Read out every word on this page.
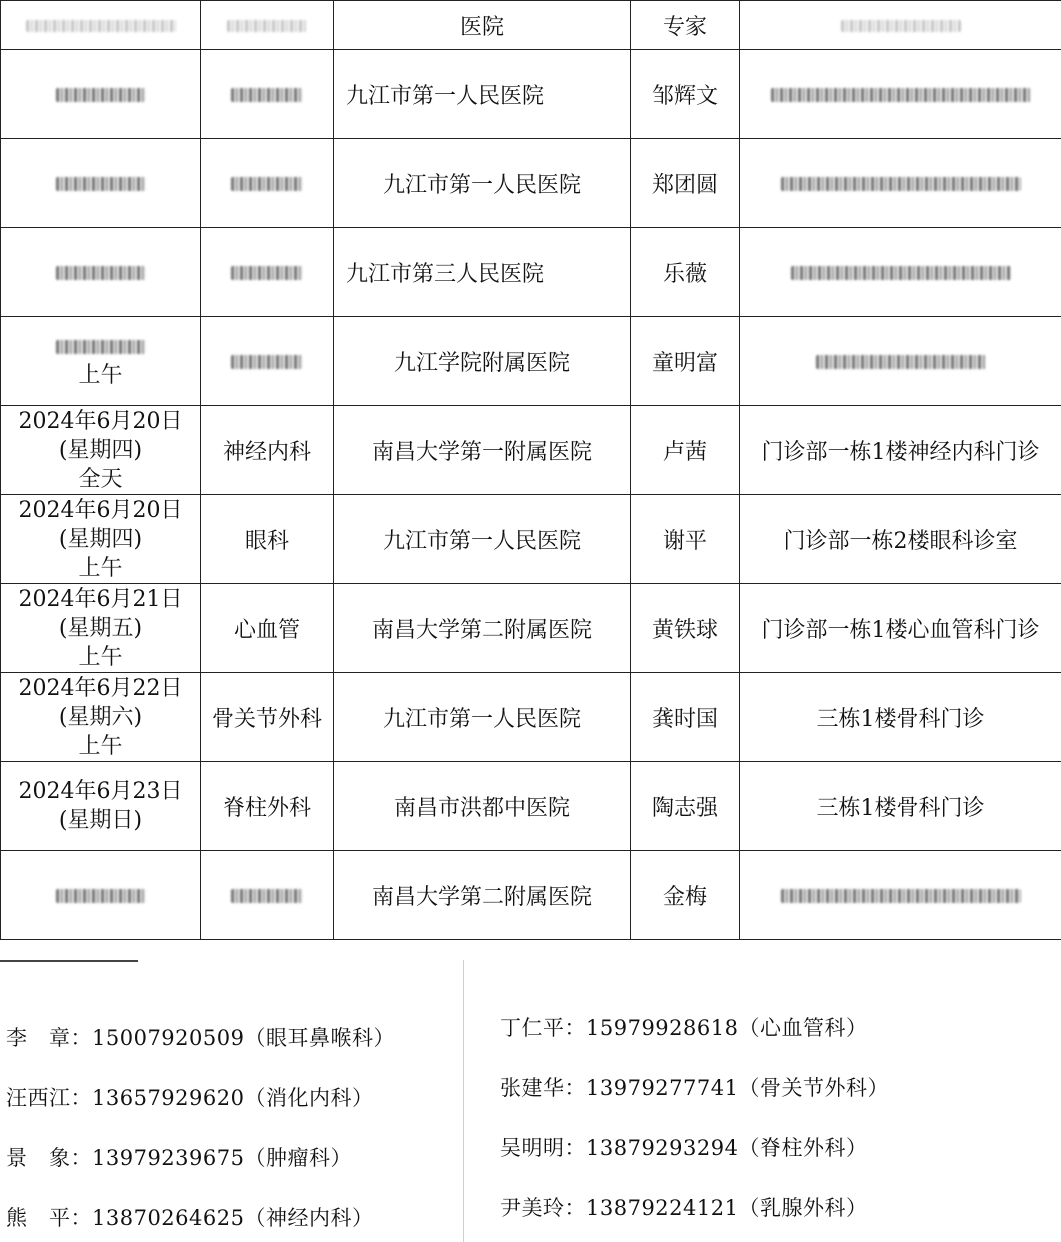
		医院	专家	
		九江市第一人民医院	邹辉文	
		九江市第一人民医院	郑团圆	
		九江市第三人民医院	乐薇	

上午		九江学院附属医院	童明富	

2024年6月20日
(星期四)
全天	神经内科	南昌大学第一附属医院	卢茜	门诊部一栋1楼神经内科门诊

2024年6月20日
(星期四)
上午	眼科	九江市第一人民医院	谢平	门诊部一栋2楼眼科诊室

2024年6月21日
(星期五)
上午	心血管	南昌大学第二附属医院	黄铁球	门诊部一栋1楼心血管科门诊

2024年6月22日
(星期六)
上午	骨关节外科	九江市第一人民医院	龚时国	三栋1楼骨科门诊

2024年6月23日
(星期日)	脊柱外科	南昌市洪都中医院	陶志强	三栋1楼骨科门诊
		南昌大学第二附属医院	金梅	
李　章：15007920509（眼耳鼻喉科）
汪西江：13657929620（消化内科）
景　象：13979239675（肿瘤科）
熊　平：13870264625（神经内科）
丁仁平：15979928618（心血管科）
张建华：13979277741（骨关节外科）
吴明明：13879293294（脊柱外科）
尹美玲：13879224121（乳腺外科）
